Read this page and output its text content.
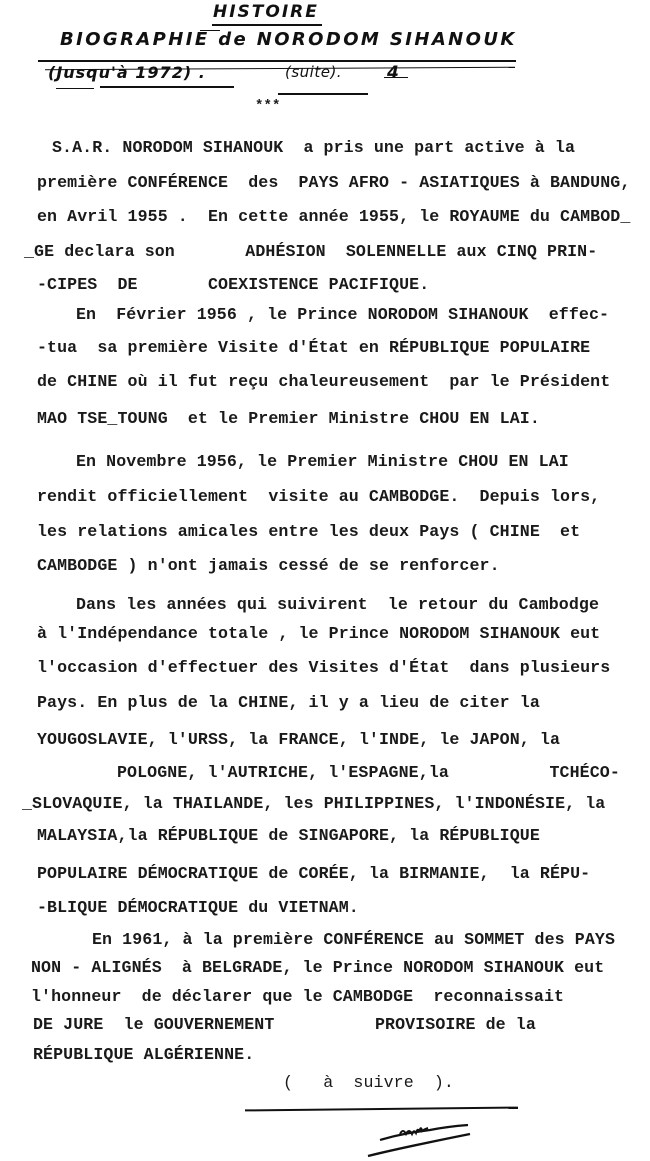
HISTOIRE
BIOGRAPHIE de NORODOM SIHANOUK
(Jusqu'à 1972) .	(suite).	4
***
S.A.R. NORODOM SIHANOUK  a pris une part active à la
première CONFÉRENCE  des  PAYS AFRO - ASIATIQUES à BANDUNG,
en Avril 1955 .  En cette année 1955, le ROYAUME du CAMBOD_
_GE declara son       ADHÉSION  SOLENNELLE aux CINQ PRIN-
-CIPES  DE       COEXISTENCE PACIFIQUE.
En  Février 1956 , le Prince NORODOM SIHANOUK  effec-
-tua  sa première Visite d'État en RÉPUBLIQUE POPULAIRE
de CHINE où il fut reçu chaleureusement  par le Président
MAO TSE_TOUNG  et le Premier Ministre CHOU EN LAI.
En Novembre 1956, le Premier Ministre CHOU EN LAI
rendit officiellement  visite au CAMBODGE.  Depuis lors,
les relations amicales entre les deux Pays ( CHINE  et
CAMBODGE ) n'ont jamais cessé de se renforcer.
Dans les années qui suivirent  le retour du Cambodge
à l'Indépendance totale , le Prince NORODOM SIHANOUK eut
l'occasion d'effectuer des Visites d'État  dans plusieurs
Pays. En plus de la CHINE, il y a lieu de citer la
YOUGOSLAVIE, l'URSS, la FRANCE, l'INDE, le JAPON, la
POLOGNE, l'AUTRICHE, l'ESPAGNE,la          TCHÉCO-
_SLOVAQUIE, la THAILANDE, les PHILIPPINES, l'INDONÉSIE, la
MALAYSIA,la RÉPUBLIQUE de SINGAPORE, la RÉPUBLIQUE
POPULAIRE DÉMOCRATIQUE de CORÉE, la BIRMANIE,  la RÉPU-
-BLIQUE DÉMOCRATIQUE du VIETNAM.
En 1961, à la première CONFÉRENCE au SOMMET des PAYS
NON - ALIGNÉS  à BELGRADE, le Prince NORODOM SIHANOUK eut
l'honneur  de déclarer que le CAMBODGE  reconnaissait
DE JURE  le GOUVERNEMENT          PROVISOIRE de la
RÉPUBLIQUE ALGÉRIENNE.
(   à  suivre  ).
